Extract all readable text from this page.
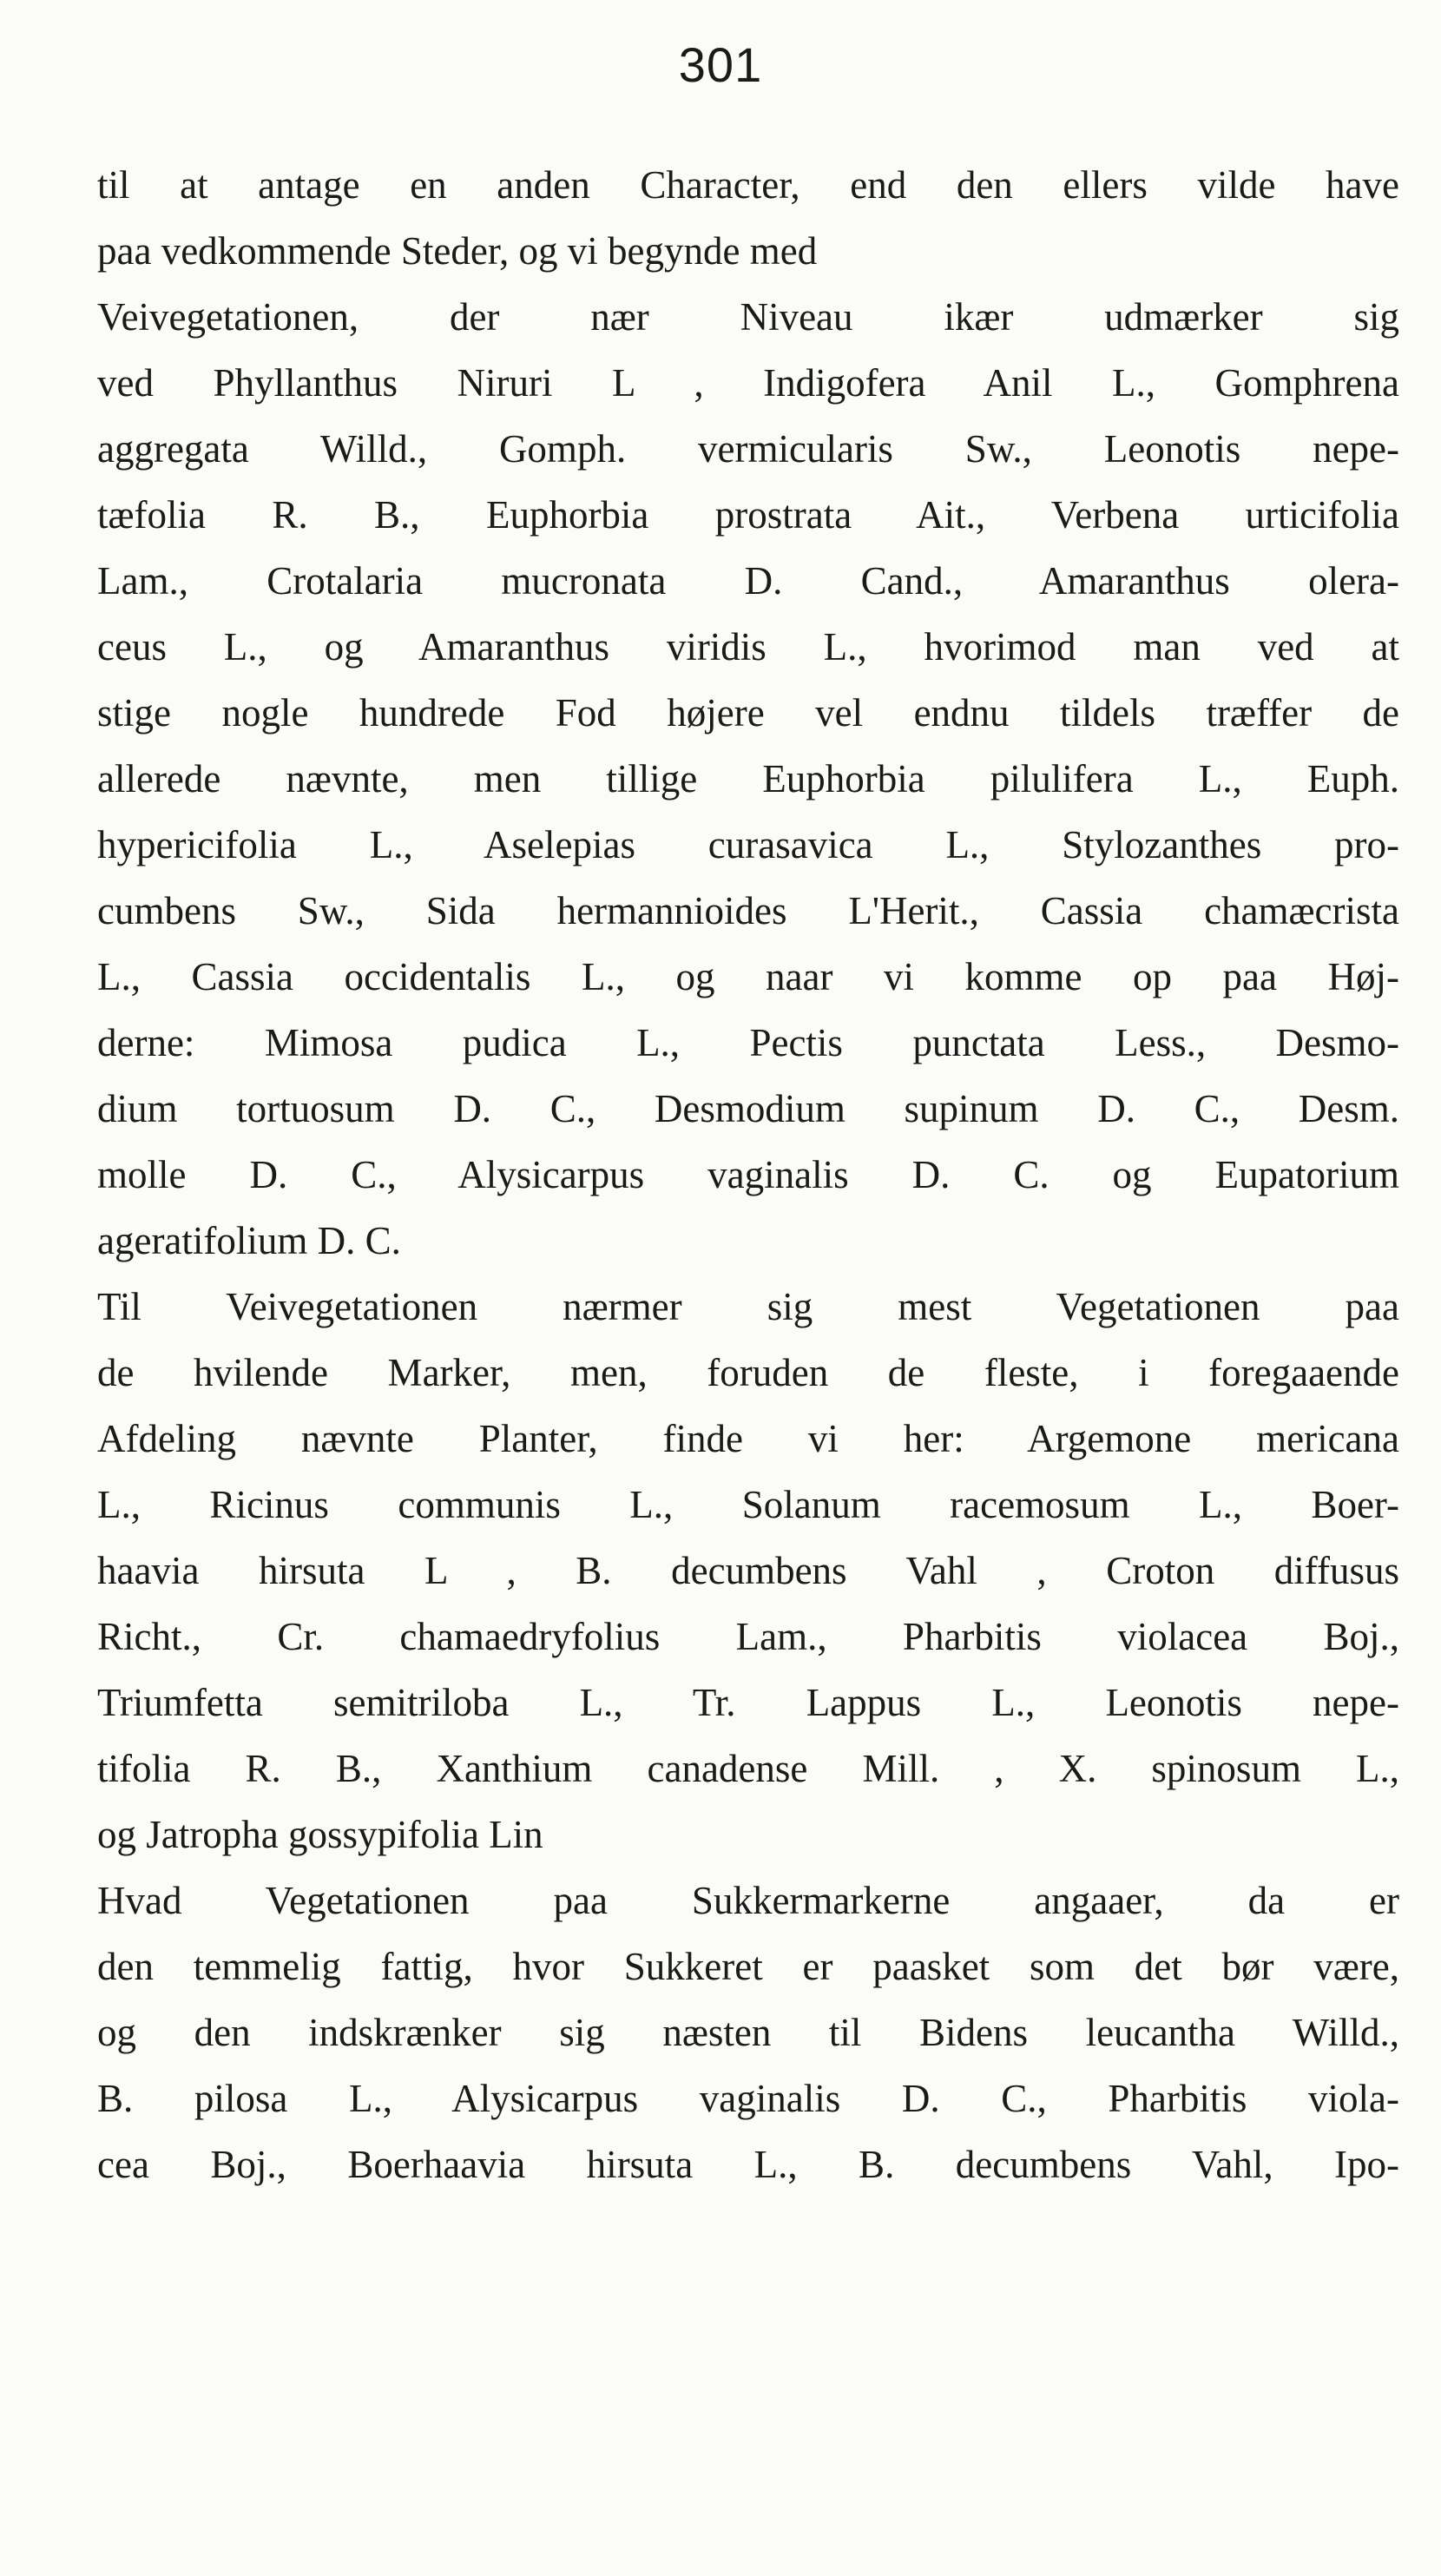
301
til at antage en anden Character, end den ellers vilde have
paa vedkommende Steder, og vi begynde med
Veivegetationen, der nær Niveau ikær udmærker sig
ved Phyllanthus Niruri L , Indigofera Anil L., Gomphrena
aggregata Willd., Gomph. vermicularis Sw., Leonotis nepe-
tæfolia R. B., Euphorbia prostrata Ait., Verbena urticifolia
Lam., Crotalaria mucronata D. Cand., Amaranthus olera-
ceus L., og Amaranthus viridis L., hvorimod man ved at
stige nogle hundrede Fod højere vel endnu tildels træffer de
allerede nævnte, men tillige Euphorbia pilulifera L., Euph.
hypericifolia L., Aselepias curasavica L., Stylozanthes pro-
cumbens Sw., Sida hermannioides L'Herit., Cassia chamæcrista
L., Cassia occidentalis L., og naar vi komme op paa Høj-
derne: Mimosa pudica L., Pectis punctata Less., Desmo-
dium tortuosum D. C., Desmodium supinum D. C., Desm.
molle D. C., Alysicarpus vaginalis D. C. og Eupatorium
ageratifolium D. C.
Til Veivegetationen nærmer sig mest Vegetationen paa
de hvilende Marker, men, foruden de fleste, i foregaaende
Afdeling nævnte Planter, finde vi her: Argemone mericana
L., Ricinus communis L., Solanum racemosum L., Boer-
haavia hirsuta L , B. decumbens Vahl , Croton diffusus
Richt., Cr. chamaedryfolius Lam., Pharbitis violacea Boj.,
Triumfetta semitriloba L., Tr. Lappus L., Leonotis nepe-
tifolia R. B., Xanthium canadense Mill. , X. spinosum L.,
og Jatropha gossypifolia Lin
Hvad Vegetationen paa Sukkermarkerne angaaer, da er
den temmelig fattig, hvor Sukkeret er paasket som det bør være,
og den indskrænker sig næsten til Bidens leucantha Willd.,
B. pilosa L., Alysicarpus vaginalis D. C., Pharbitis viola-
cea Boj., Boerhaavia hirsuta L., B. decumbens Vahl, Ipo-
